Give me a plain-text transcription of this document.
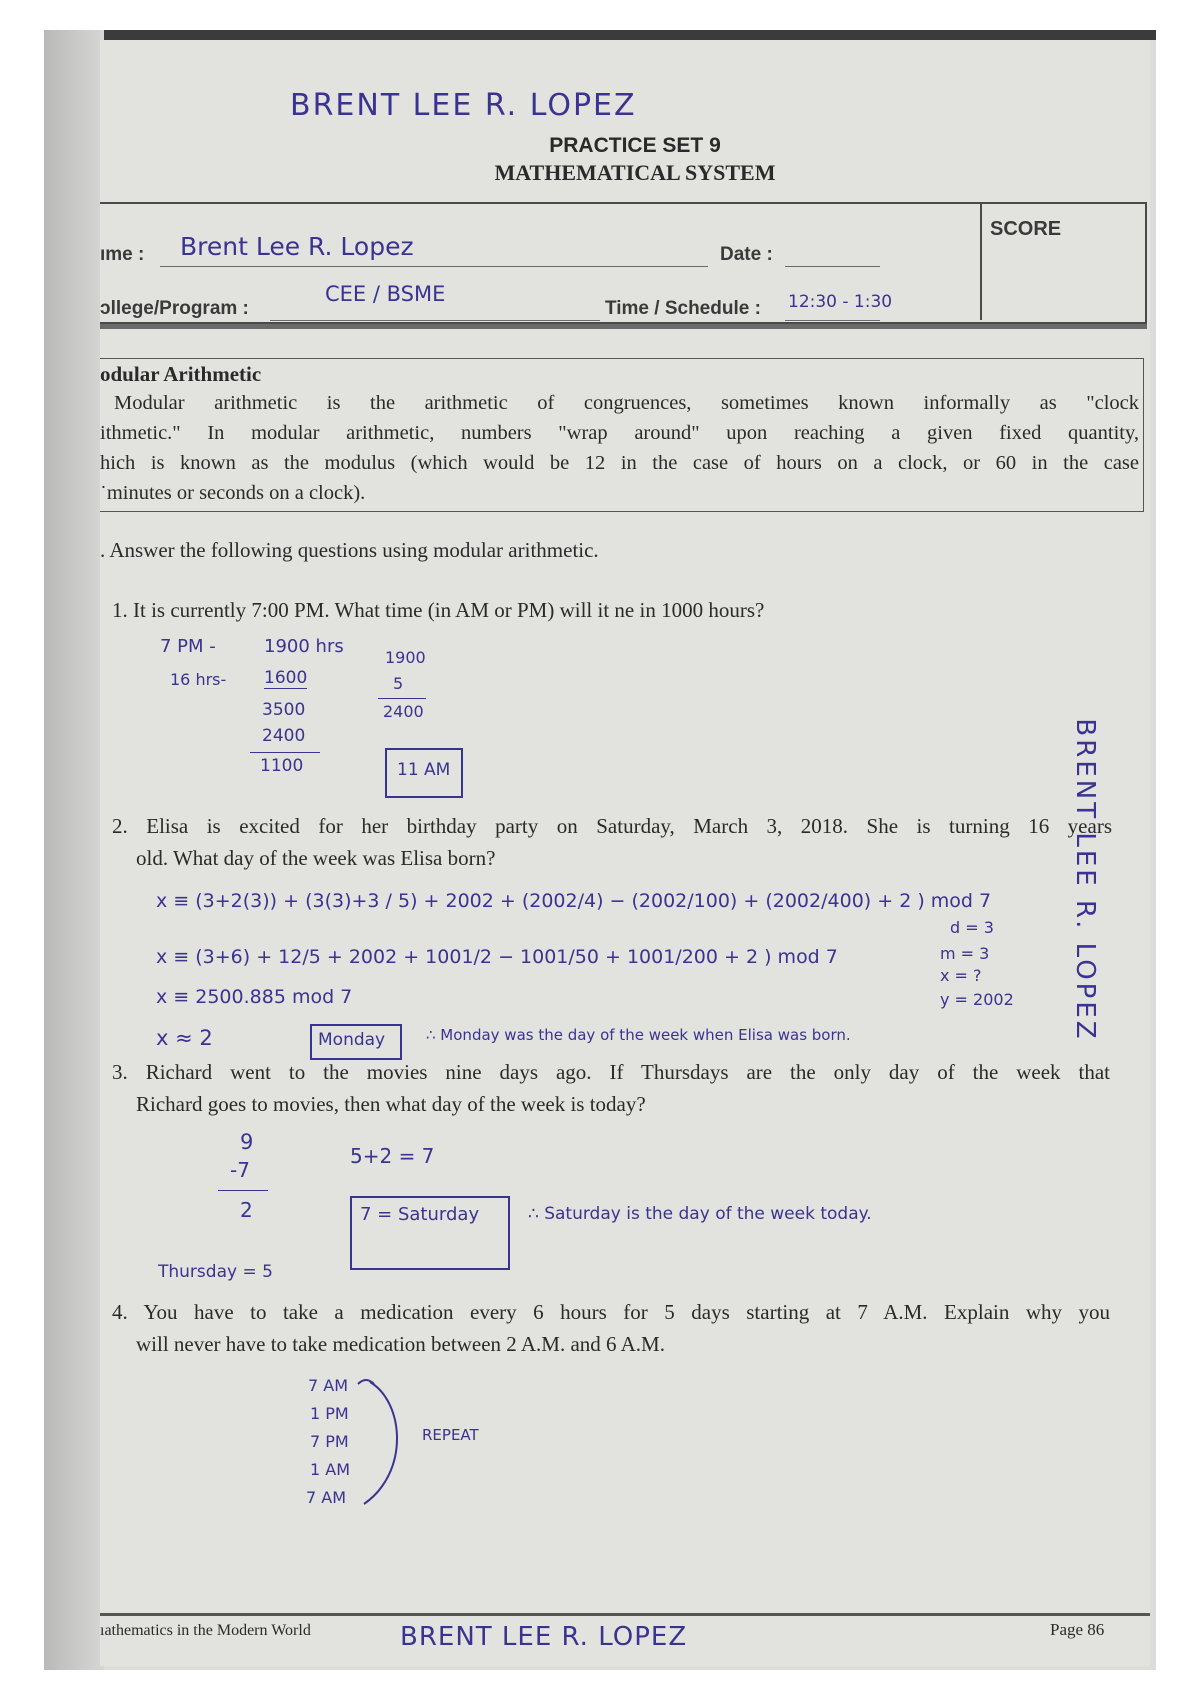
BRENT LEE R. LOPEZ
PRACTICE SET 9
MATHEMATICAL SYSTEM
SCORE
ıme : Brent Lee R. Lopez	Date :
ɔllege/Program :
CEE / BSME
Time / Schedule : 12:30 - 1:30
odular Arithmetic
Modular arithmetic is the arithmetic of congruences, sometimes known informally as "clock
ithmetic." In modular arithmetic, numbers "wrap around" upon reaching a given fixed quantity,
hich is known as the modulus (which would be 12 in the case of hours on a clock, or 60 in the case
˙minutes or seconds on a clock).
. Answer the following questions using modular arithmetic.
1. It is currently 7:00 PM. What time (in AM or PM) will it ne in 1000 hours?
7 PM -	1900 hrs
16 hrs- 1600
3500
2400
1100
1900
5
2400
11 AM
2. Elisa is excited for her birthday party on Saturday, March 3, 2018. She is turning 16 years
old. What day of the week was Elisa born?
x ≡ (3+2(3)) + (3(3)+3 / 5) + 2002 + (2002/4) − (2002/100) + (2002/400) + 2 ) mod 7
x ≡ (3+6) + 12/5 + 2002 + 1001/2 − 1001/50 + 1001/200 + 2 ) mod 7
x ≡ 2500.885 mod 7
x ≈ 2	Monday	∴ Monday was the day of the week when Elisa was born.
d = 3
m = 3
x = ?
y = 2002
3. Richard went to the movies nine days ago. If Thursdays are the only day of the week that
Richard goes to movies, then what day of the week is today?
9
-7
2
5+2 = 7
7 = Saturday
Thursday = 5
∴ Saturday is the day of the week today.
4. You have to take a medication every 6 hours for 5 days starting at 7 A.M. Explain why you
will never have to take medication between 2 A.M. and 6 A.M.
7 AM
1 PM
7 PM
1 AM
7 AM
REPEAT
BRENT LEE R. LOPEZ
ıathematics in the Modern World	BRENT LEE R. LOPEZ	Page 86
